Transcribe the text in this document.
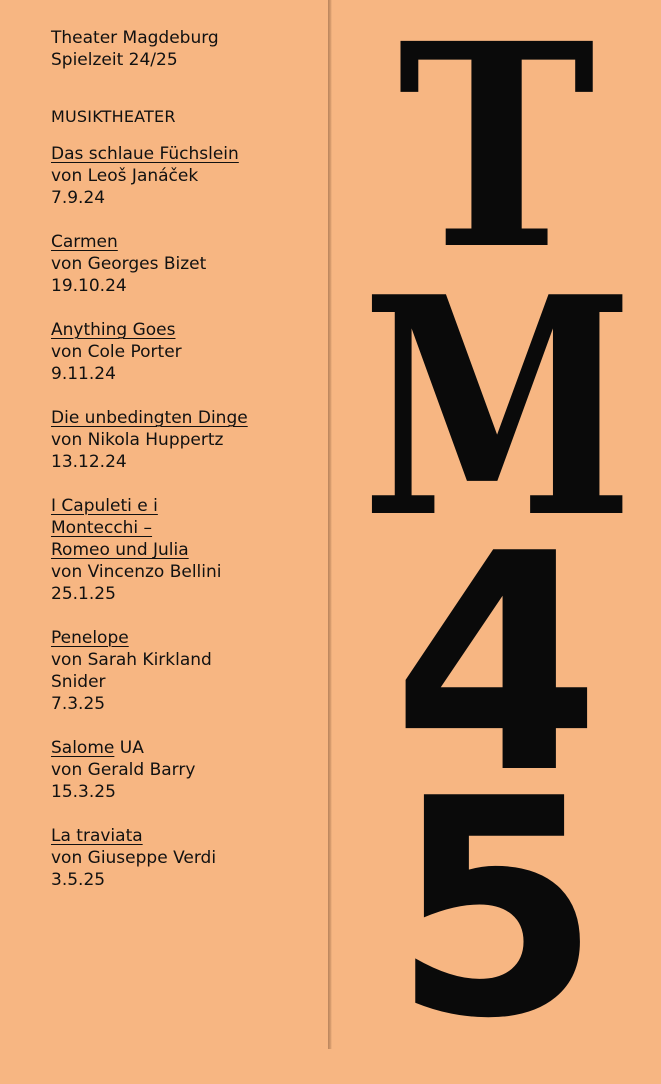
Theater Magdeburg

Spielzeit 24/25

MUSIKTHEATER

Das schlaue Füchslein
von Leoš Janáček
7.9.24
Carmen
von Georges Bizet
19.10.24
Anything Goes
von Cole Porter
9.11.24
Die unbedingten Dinge
von Nikola Huppertz
13.12.24
I Capuleti e i
Montecchi –
Romeo und Julia
von Vincenzo Bellini
25.1.25
Penelope
von Sarah Kirkland
Snider
7.3.25
Salome UA
von Gerald Barry
15.3.25
La traviata
von Giuseppe Verdi
3.5.25
T
M
4
5
